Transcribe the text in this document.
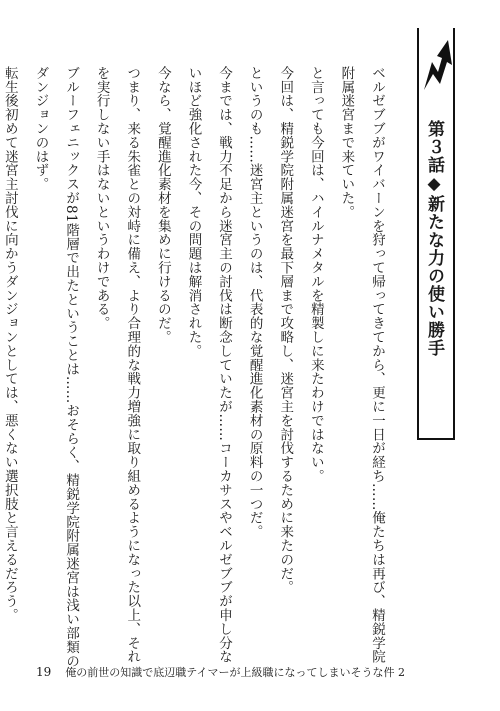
第３話◆新たな力の使い勝手

ベルゼブブがワイバーンを狩って帰ってきてから、更に一日が経ち……俺たちは再び、精鋭学院

附属迷宮まで来ていた。

と言っても今回は、ハイルナメタルを精製しに来たわけではない。

今回は、精鋭学院附属迷宮を最下層まで攻略し、迷宮主を討伐するために来たのだ。

というのも……迷宮主というのは、代表的な覚醒進化素材の原料の一つだ。

今までは、戦力不足から迷宮主の討伐は断念していたが……コーカサスやベルゼブブが申し分な

いほど強化された今、その問題は解消された。

今なら、覚醒進化素材を集めに行けるのだ。

つまり、来る朱雀との対峙に備え、より合理的な戦力増強に取り組めるようになった以上、それ

を実行しない手はないというわけである。

ブルーフェニックスが81階層で出たということは……おそらく、精鋭学院附属迷宮は浅い部類の

ダンジョンのはず。

転生後初めて迷宮主討伐に向かうダンジョンとしては、悪くない選択肢と言えるだろう。

19 俺の前世の知識で底辺職テイマーが上級職になってしまいそうな件 2
